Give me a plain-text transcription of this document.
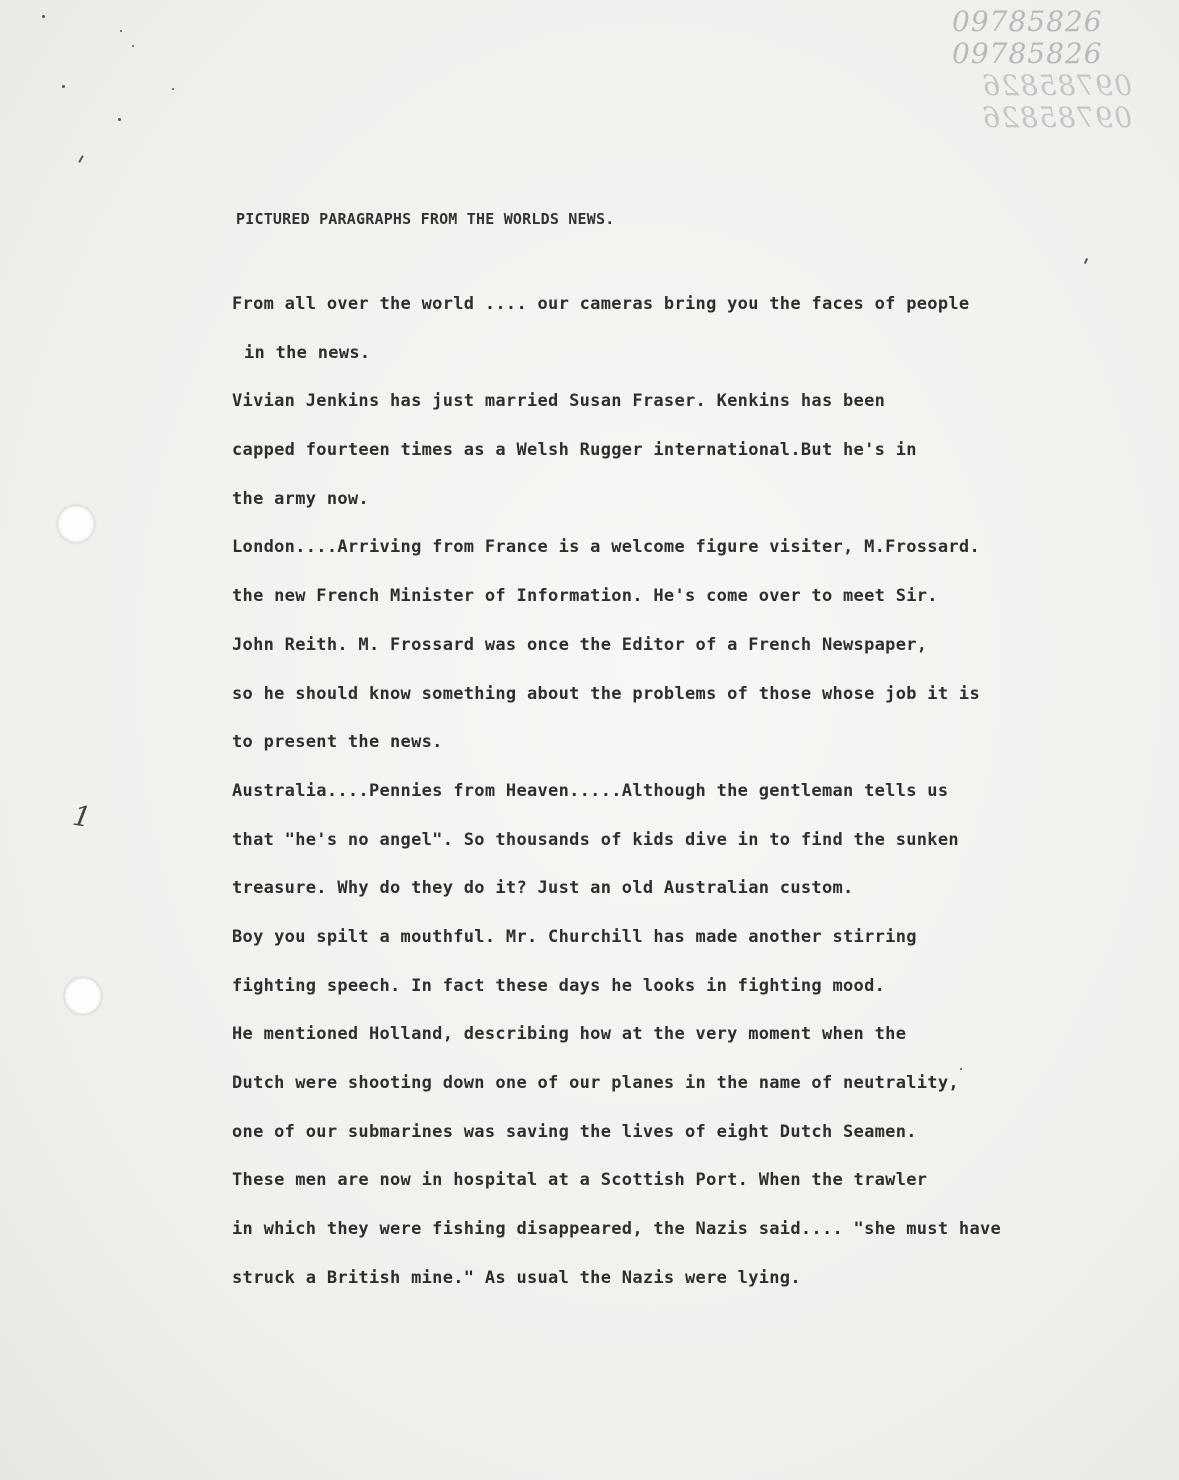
09785826
09785826
09785826
09785826
1
PICTURED PARAGRAPHS FROM THE WORLDS NEWS.
From all over the world .... our cameras bring you the faces of people
in the news.
Vivian Jenkins has just married Susan Fraser. Kenkins has been
capped fourteen times as a Welsh Rugger international.But he's in
the army now.
London....Arriving from France is a welcome figure visiter, M.Frossard.
the new French Minister of Information. He's come over to meet Sir.
John Reith. M. Frossard was once the Editor of a French Newspaper,
so he should know something about the problems of those whose job it is
to present the news.
Australia....Pennies from Heaven.....Although the gentleman tells us
that "he's no angel". So thousands of kids dive in to find the sunken
treasure. Why do they do it? Just an old Australian custom.
Boy you spilt a mouthful. Mr. Churchill has made another stirring
fighting speech. In fact these days he looks in fighting mood.
He mentioned Holland, describing how at the very moment when the
Dutch were shooting down one of our planes in the name of neutrality,
one of our submarines was saving the lives of eight Dutch Seamen.
These men are now in hospital at a Scottish Port. When the trawler
in which they were fishing disappeared, the Nazis said.... "she must have
struck a British mine." As usual the Nazis were lying.
